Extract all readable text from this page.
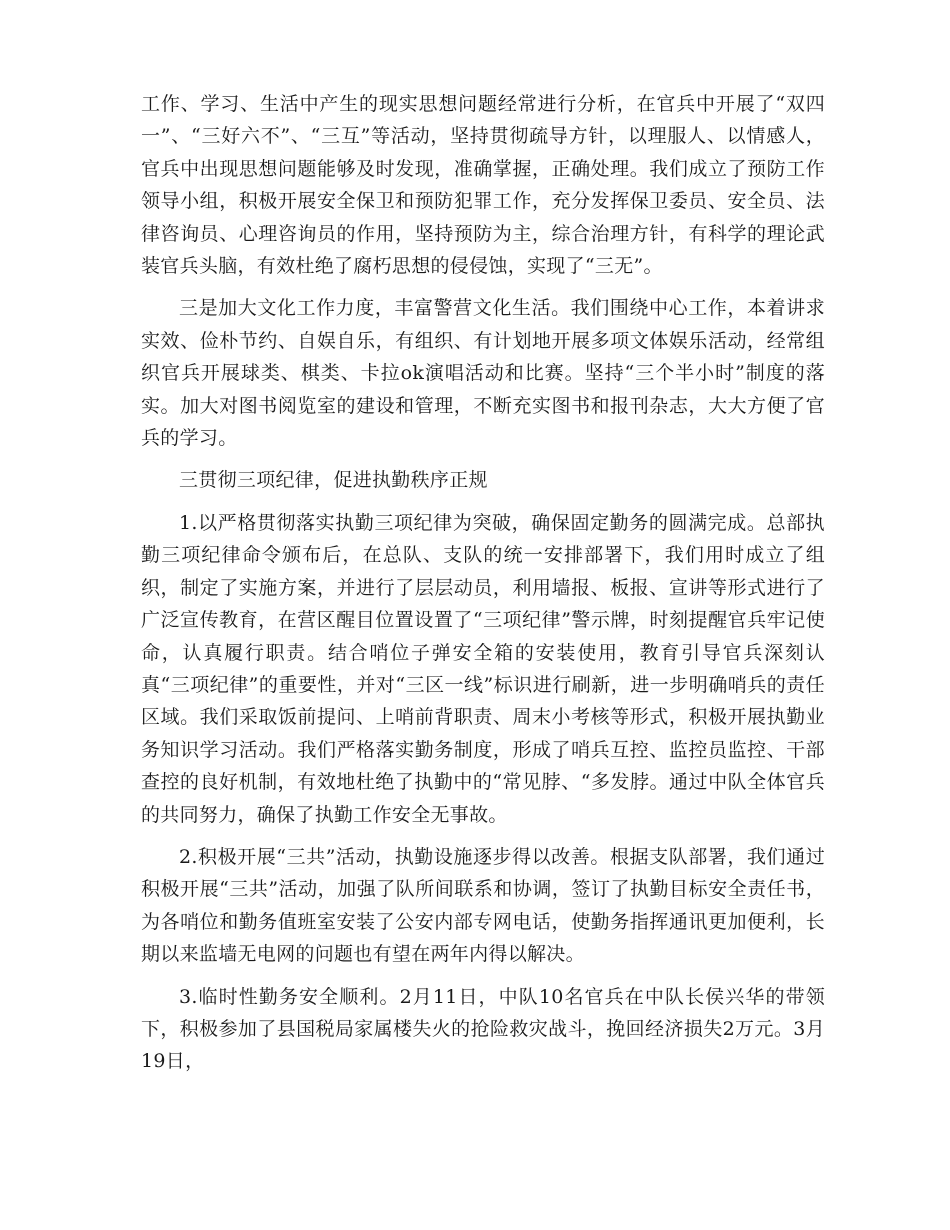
工作、学习、生活中产生的现实思想问题经常进行分析，在官兵中开展了“双四一”、“三好六不”、“三互”等活动，坚持贯彻疏导方针，以理服人、以情感人，官兵中出现思想问题能够及时发现，准确掌握，正确处理。我们成立了预防工作领导小组，积极开展安全保卫和预防犯罪工作，充分发挥保卫委员、安全员、法律咨询员、心理咨询员的作用，坚持预防为主，综合治理方针，有科学的理论武装官兵头脑，有效杜绝了腐朽思想的侵侵蚀，实现了“三无”。

三是加大文化工作力度，丰富警营文化生活。我们围绕中心工作，本着讲求实效、俭朴节约、自娱自乐，有组织、有计划地开展多项文体娱乐活动，经常组织官兵开展球类、棋类、卡拉ok演唱活动和比赛。坚持“三个半小时”制度的落实。加大对图书阅览室的建设和管理，不断充实图书和报刊杂志，大大方便了官兵的学习。

三贯彻三项纪律，促进执勤秩序正规

1.以严格贯彻落实执勤三项纪律为突破，确保固定勤务的圆满完成。总部执勤三项纪律命令颁布后，在总队、支队的统一安排部署下，我们用时成立了组织，制定了实施方案，并进行了层层动员，利用墙报、板报、宣讲等形式进行了广泛宣传教育，在营区醒目位置设置了“三项纪律”警示牌，时刻提醒官兵牢记使命，认真履行职责。结合哨位子弹安全箱的安装使用，教育引导官兵深刻认真“三项纪律”的重要性，并对“三区一线”标识进行刷新，进一步明确哨兵的责任区域。我们采取饭前提问、上哨前背职责、周末小考核等形式，积极开展执勤业务知识学习活动。我们严格落实勤务制度，形成了哨兵互控、监控员监控、干部查控的良好机制，有效地杜绝了执勤中的“常见脖、“多发脖。通过中队全体官兵的共同努力，确保了执勤工作安全无事故。

2.积极开展“三共”活动，执勤设施逐步得以改善。根据支队部署，我们通过积极开展“三共”活动，加强了队所间联系和协调，签订了执勤目标安全责任书，为各哨位和勤务值班室安装了公安内部专网电话，使勤务指挥通讯更加便利，长期以来监墙无电网的问题也有望在两年内得以解决。

3.临时性勤务安全顺利。2月11日，中队10名官兵在中队长侯兴华的带领下，积极参加了县国税局家属楼失火的抢险救灾战斗，挽回经济损失2万元。3月19日，
